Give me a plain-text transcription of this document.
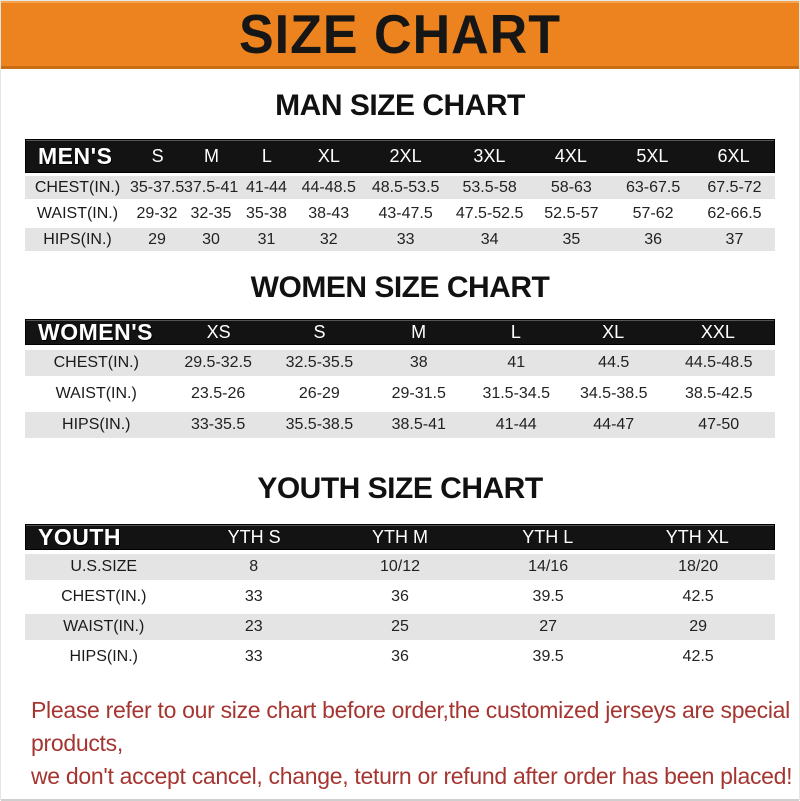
SIZE CHART
MAN SIZE CHART
MEN'S	S	M	L	XL	2XL	3XL	4XL	5XL	6XL
CHEST(IN.) 35-37.5 37.5-41 41-44 44-48.5 48.5-53.5	53.5-58	58-63	63-67.5	67.5-72
WAIST(IN.)	29-32 32-35 35-38	38-43	43-47.5	47.5-52.5	52.5-57	57-62	62-66.5
HIPS(IN.)	29	30	31	32	33	34	35	36	37
WOMEN SIZE CHART
WOMEN'S	XS	S	M	L	XL	XXL
CHEST(IN.)	29.5-32.5	32.5-35.5	38	41	44.5	44.5-48.5
WAIST(IN.)	23.5-26	26-29	29-31.5	31.5-34.5	34.5-38.5	38.5-42.5
HIPS(IN.)	33-35.5	35.5-38.5	38.5-41	41-44	44-47	47-50
YOUTH SIZE CHART
YOUTH	YTH S	YTH M	YTH L	YTH XL
U.S.SIZE	8	10/12	14/16	18/20
CHEST(IN.)	33	36	39.5	42.5
WAIST(IN.)	23	25	27	29
HIPS(IN.)	33	36	39.5	42.5
Please refer to our size chart before order,the customized jerseys are special products,
we don't accept cancel, change, teturn or refund after order has been placed!
